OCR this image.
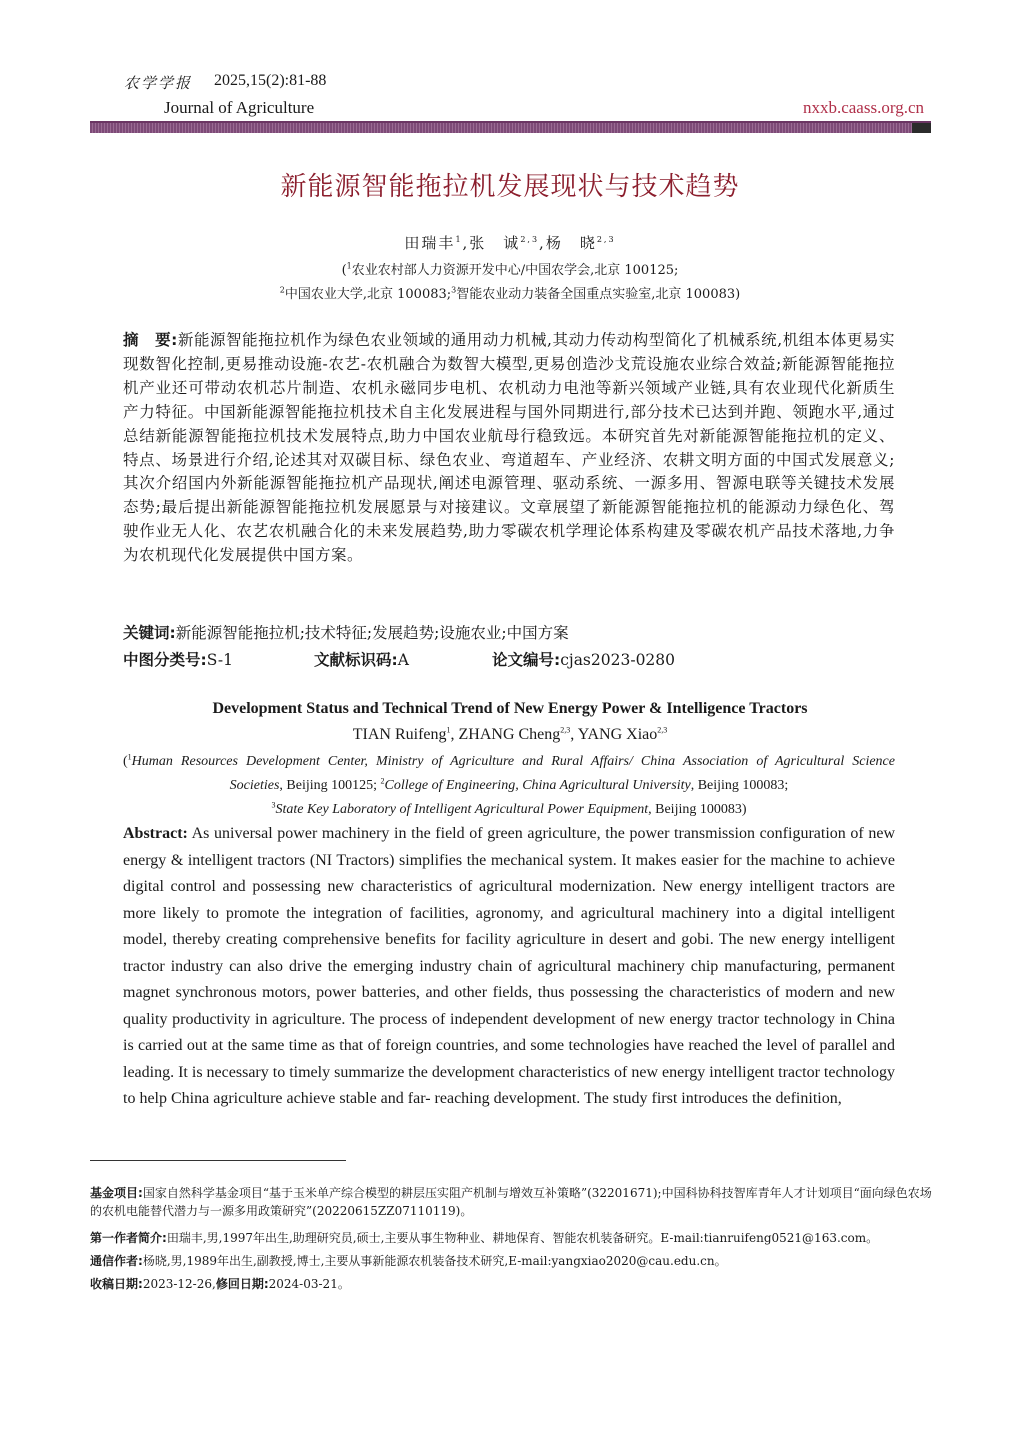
农学学报 2025,15(2):81-88
Journal of Agriculture	nxxb.caass.org.cn
新能源智能拖拉机发展现状与技术趋势
田瑞丰$^1$,张　诚$^{2,3}$,杨　晓$^{2,3}$
($^1$农业农村部人力资源开发中心/中国农学会,北京 100125;
$^2$中国农业大学,北京 100083;$^3$智能农业动力装备全国重点实验室,北京 100083)
摘　要:新能源智能拖拉机作为绿色农业领域的通用动力机械,其动力传动构型简化了机械系统,机组本体更易实现数智化控制,更易推动设施-农艺-农机融合为数智大模型,更易创造沙戈荒设施农业综合效益;新能源智能拖拉机产业还可带动农机芯片制造、农机永磁同步电机、农机动力电池等新兴领域产业链,具有农业现代化新质生产力特征。中国新能源智能拖拉机技术自主化发展进程与国外同期进行,部分技术已达到并跑、领跑水平,通过总结新能源智能拖拉机技术发展特点,助力中国农业航母行稳致远。本研究首先对新能源智能拖拉机的定义、特点、场景进行介绍,论述其对双碳目标、绿色农业、弯道超车、产业经济、农耕文明方面的中国式发展意义;其次介绍国内外新能源智能拖拉机产品现状,阐述电源管理、驱动系统、一源多用、智源电联等关键技术发展态势;最后提出新能源智能拖拉机发展愿景与对接建议。文章展望了新能源智能拖拉机的能源动力绿色化、驾驶作业无人化、农艺农机融合化的未来发展趋势,助力零碳农机学理论体系构建及零碳农机产品技术落地,力争为农机现代化发展提供中国方案。
关键词:新能源智能拖拉机;技术特征;发展趋势;设施农业;中国方案
中图分类号:S-1	文献标识码:A	论文编号:cjas2023-0280
Development Status and Technical Trend of New Energy Power & Intelligence Tractors
TIAN Ruifeng$^1$, ZHANG Cheng$^{2,3}$, YANG Xiao$^{2,3}$
($^1$Human Resources Development Center, Ministry of Agriculture and Rural Affairs/ China Association of Agricultural Science
Societies, Beijing 100125; $^2$College of Engineering, China Agricultural University, Beijing 100083;
$^3$State Key Laboratory of Intelligent Agricultural Power Equipment, Beijing 100083)
Abstract: As universal power machinery in the field of green agriculture, the power transmission configuration of new energy & intelligent tractors (NI Tractors) simplifies the mechanical system. It makes easier for the machine to achieve digital control and possessing new characteristics of agricultural modernization. New energy intelligent tractors are more likely to promote the integration of facilities, agronomy, and agricultural machinery into a digital intelligent model, thereby creating comprehensive benefits for facility agriculture in desert and gobi. The new energy intelligent tractor industry can also drive the emerging industry chain of agricultural machinery chip manufacturing, permanent magnet synchronous motors, power batteries, and other fields, thus possessing the characteristics of modern and new quality productivity in agriculture. The process of independent development of new energy tractor technology in China is carried out at the same time as that of foreign countries, and some technologies have reached the level of parallel and leading. It is necessary to timely summarize the development characteristics of new energy intelligent tractor technology to help China agriculture achieve stable and far- reaching development. The study first introduces the definition,
基金项目:国家自然科学基金项目“基于玉米单产综合模型的耕层压实阻产机制与增效互补策略”(32201671);中国科协科技智库青年人才计划项目“面向绿色农场的农机电能替代潜力与一源多用政策研究”(20220615ZZ07110119)。
第一作者简介:田瑞丰,男,1997年出生,助理研究员,硕士,主要从事生物种业、耕地保育、智能农机装备研究。E-mail:tianruifeng0521@163.com。
通信作者:杨晓,男,1989年出生,副教授,博士,主要从事新能源农机装备技术研究,E-mail:yangxiao2020@cau.edu.cn。
收稿日期:2023-12-26,修回日期:2024-03-21。
